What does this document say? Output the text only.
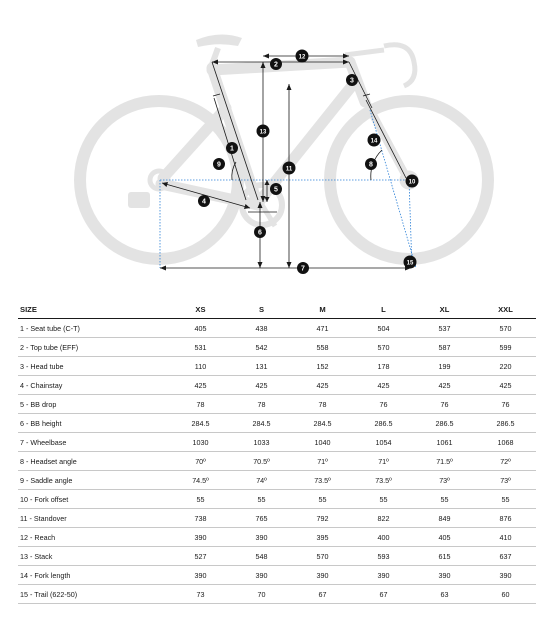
1
2
3
4
5
6
7
8
9
10
11
12
13
14
15
SIZE	XS	S	M	L	XL	XXL
1 - Seat tube (C-T)	405	438	471	504	537	570
2 - Top tube (EFF)	531	542	558	570	587	599
3 - Head tube	110	131	152	178	199	220
4 - Chainstay	425	425	425	425	425	425
5 - BB drop	78	78	78	76	76	76
6 - BB height	284.5	284.5	284.5	286.5	286.5	286.5
7 - Wheelbase	1030	1033	1040	1054	1061	1068
8 - Headset angle	70º	70.5º	71º	71º	71.5º	72º
9 - Saddle angle	74.5º	74º	73.5º	73.5º	73º	73º
10 - Fork offset	55	55	55	55	55	55
11 - Standover	738	765	792	822	849	876
12 - Reach	390	390	395	400	405	410
13 - Stack	527	548	570	593	615	637
14 - Fork length	390	390	390	390	390	390
15 - Trail (622-50)	73	70	67	67	63	60
